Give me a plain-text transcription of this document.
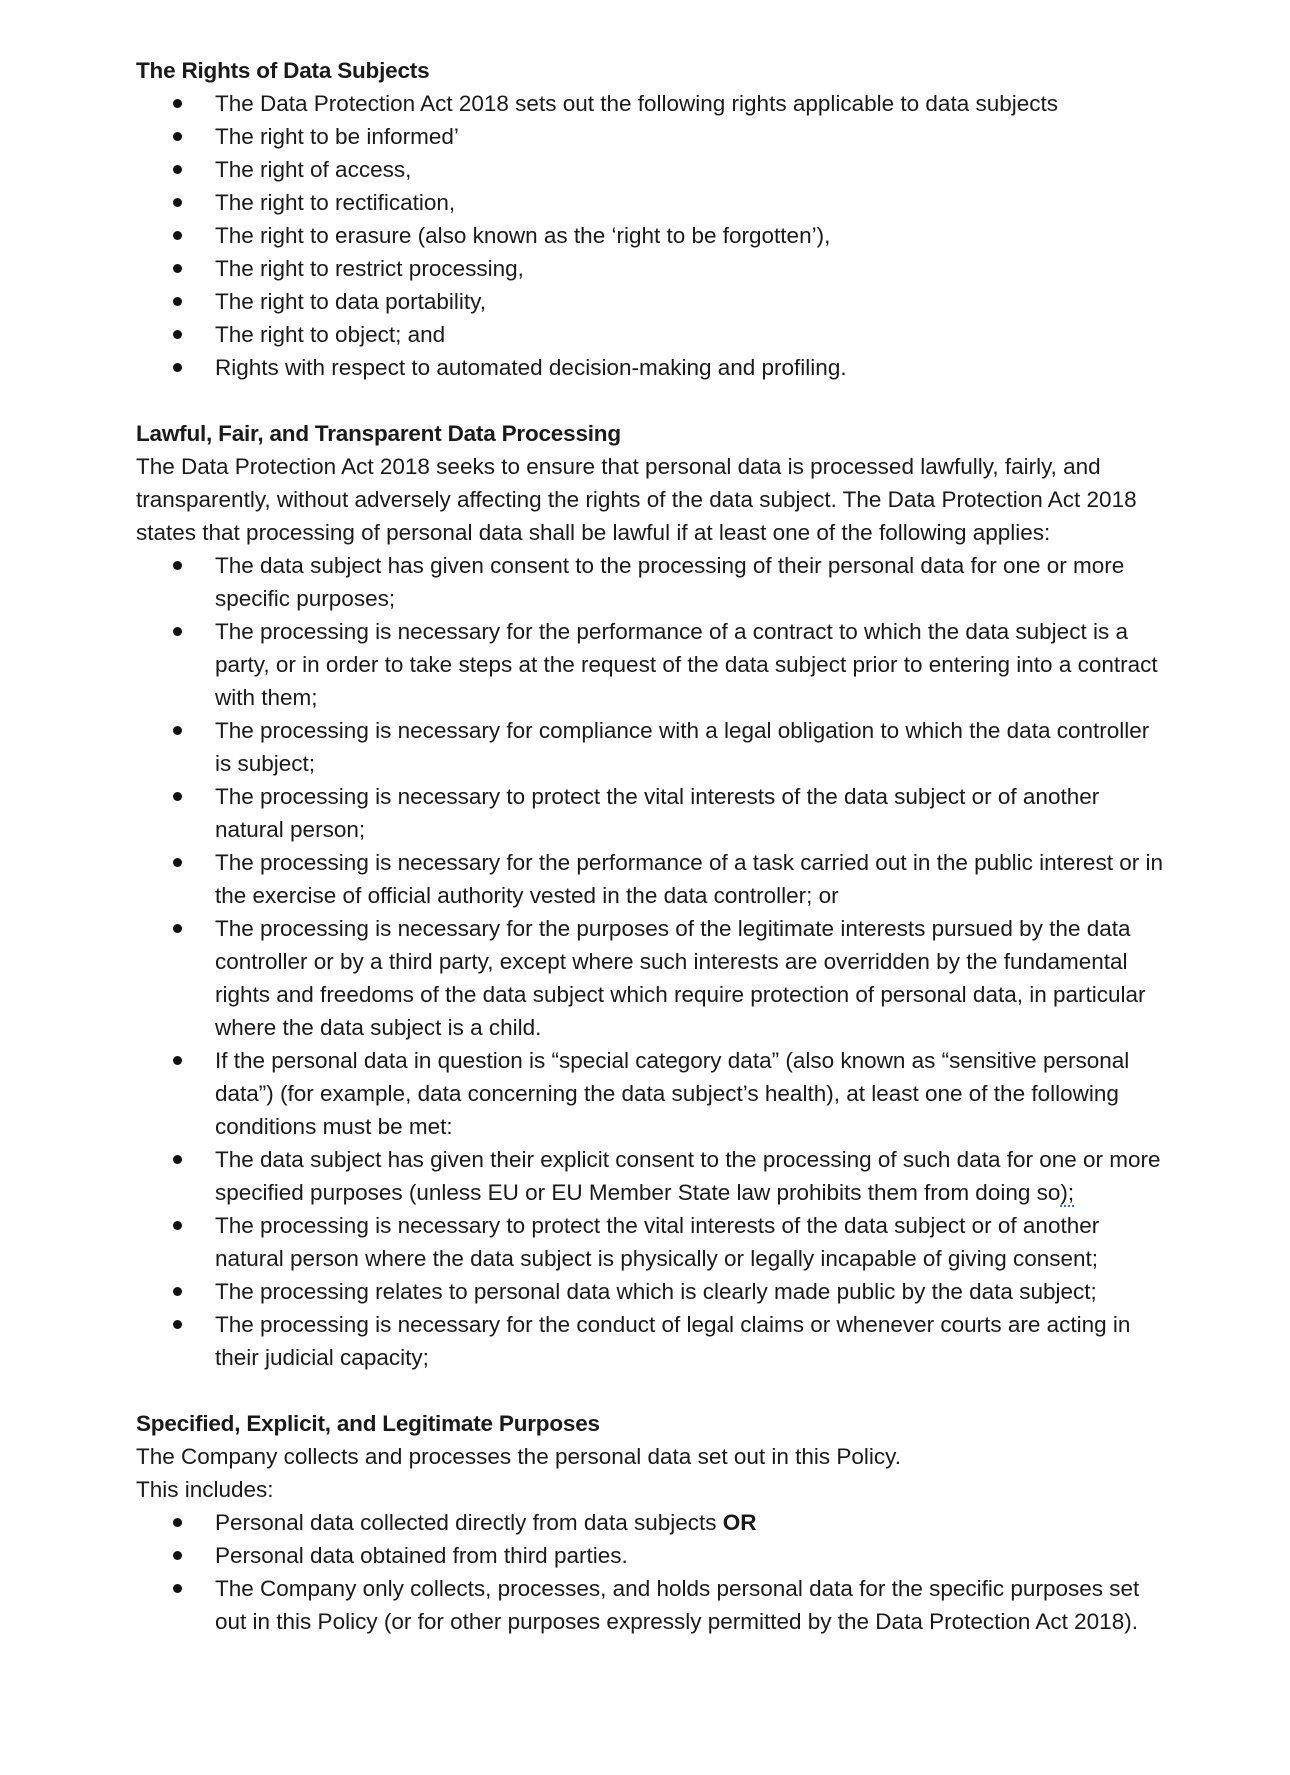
The Rights of Data Subjects

The Data Protection Act 2018 sets out the following rights applicable to data subjects
The right to be informed’
The right of access,
The right to rectification,
The right to erasure (also known as the ‘right to be forgotten’),
The right to restrict processing,
The right to data portability,
The right to object; and
Rights with respect to automated decision-making and profiling.

Lawful, Fair, and Transparent Data Processing

The Data Protection Act 2018 seeks to ensure that personal data is processed lawfully, fairly, and transparently, without adversely affecting the rights of the data subject. The Data Protection Act 2018 states that processing of personal data shall be lawful if at least one of the following applies:

The data subject has given consent to the processing of their personal data for one or more specific purposes;
The processing is necessary for the performance of a contract to which the data subject is a party, or in order to take steps at the request of the data subject prior to entering into a contract with them;
The processing is necessary for compliance with a legal obligation to which the data controller is subject;
The processing is necessary to protect the vital interests of the data subject or of another natural person;
The processing is necessary for the performance of a task carried out in the public interest or in the exercise of official authority vested in the data controller; or
The processing is necessary for the purposes of the legitimate interests pursued by the data controller or by a third party, except where such interests are overridden by the fundamental rights and freedoms of the data subject which require protection of personal data, in particular where the data subject is a child.
If the personal data in question is “special category data” (also known as “sensitive personal data”) (for example, data concerning the data subject’s health), at least one of the following conditions must be met:
The data subject has given their explicit consent to the processing of such data for one or more specified purposes (unless EU or EU Member State law prohibits them from doing so);
The processing is necessary to protect the vital interests of the data subject or of another natural person where the data subject is physically or legally incapable of giving consent;
The processing relates to personal data which is clearly made public by the data subject;
The processing is necessary for the conduct of legal claims or whenever courts are acting in their judicial capacity;

Specified, Explicit, and Legitimate Purposes

The Company collects and processes the personal data set out in this Policy.

This includes:

Personal data collected directly from data subjects OR
Personal data obtained from third parties.
The Company only collects, processes, and holds personal data for the specific purposes set out in this Policy (or for other purposes expressly permitted by the Data Protection Act 2018).
